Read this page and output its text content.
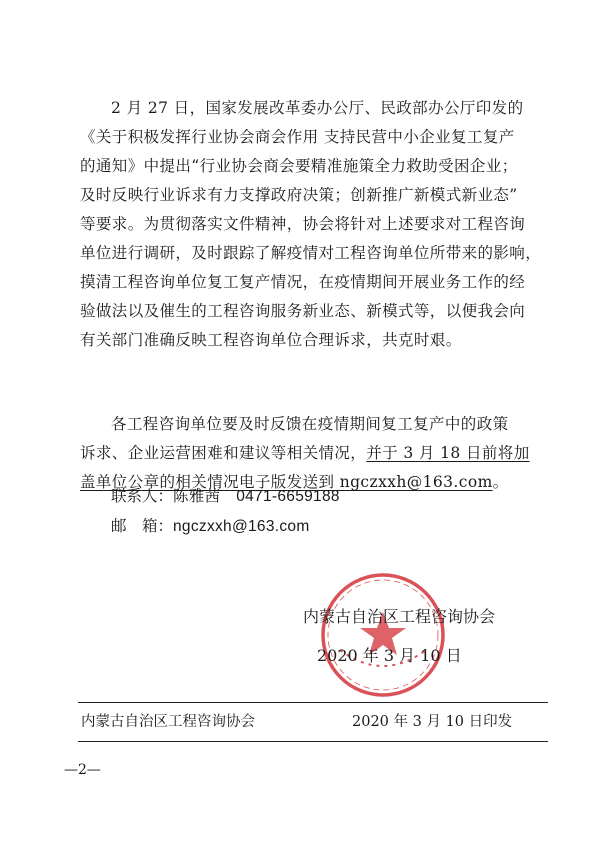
2 月 27 日，国家发展改革委办公厅、民政部办公厅印发的
《关于积极发挥行业协会商会作用 支持民营中小企业复工复产
的通知》中提出“行业协会商会要精准施策全力救助受困企业；
及时反映行业诉求有力支撑政府决策；创新推广新模式新业态”
等要求。为贯彻落实文件精神，协会将针对上述要求对工程咨询
单位进行调研，及时跟踪了解疫情对工程咨询单位所带来的影响，
摸清工程咨询单位复工复产情况，在疫情期间开展业务工作的经
验做法以及催生的工程咨询服务新业态、新模式等，以便我会向
有关部门准确反映工程咨询单位合理诉求，共克时艰。
各工程咨询单位要及时反馈在疫情期间复工复产中的政策
诉求、企业运营困难和建议等相关情况，并于 3 月 18 日前将加
盖单位公章的相关情况电子版发送到 ngczxxh@163.com。
联系人：陈雅茜　0471-6659188
邮　箱：ngczxxh@163.com
内蒙古自治区工程咨询协会
2020 年 3 月 10 日
内蒙古自治区工程咨询协会	2020 年 3 月 10 日印发
—2—
